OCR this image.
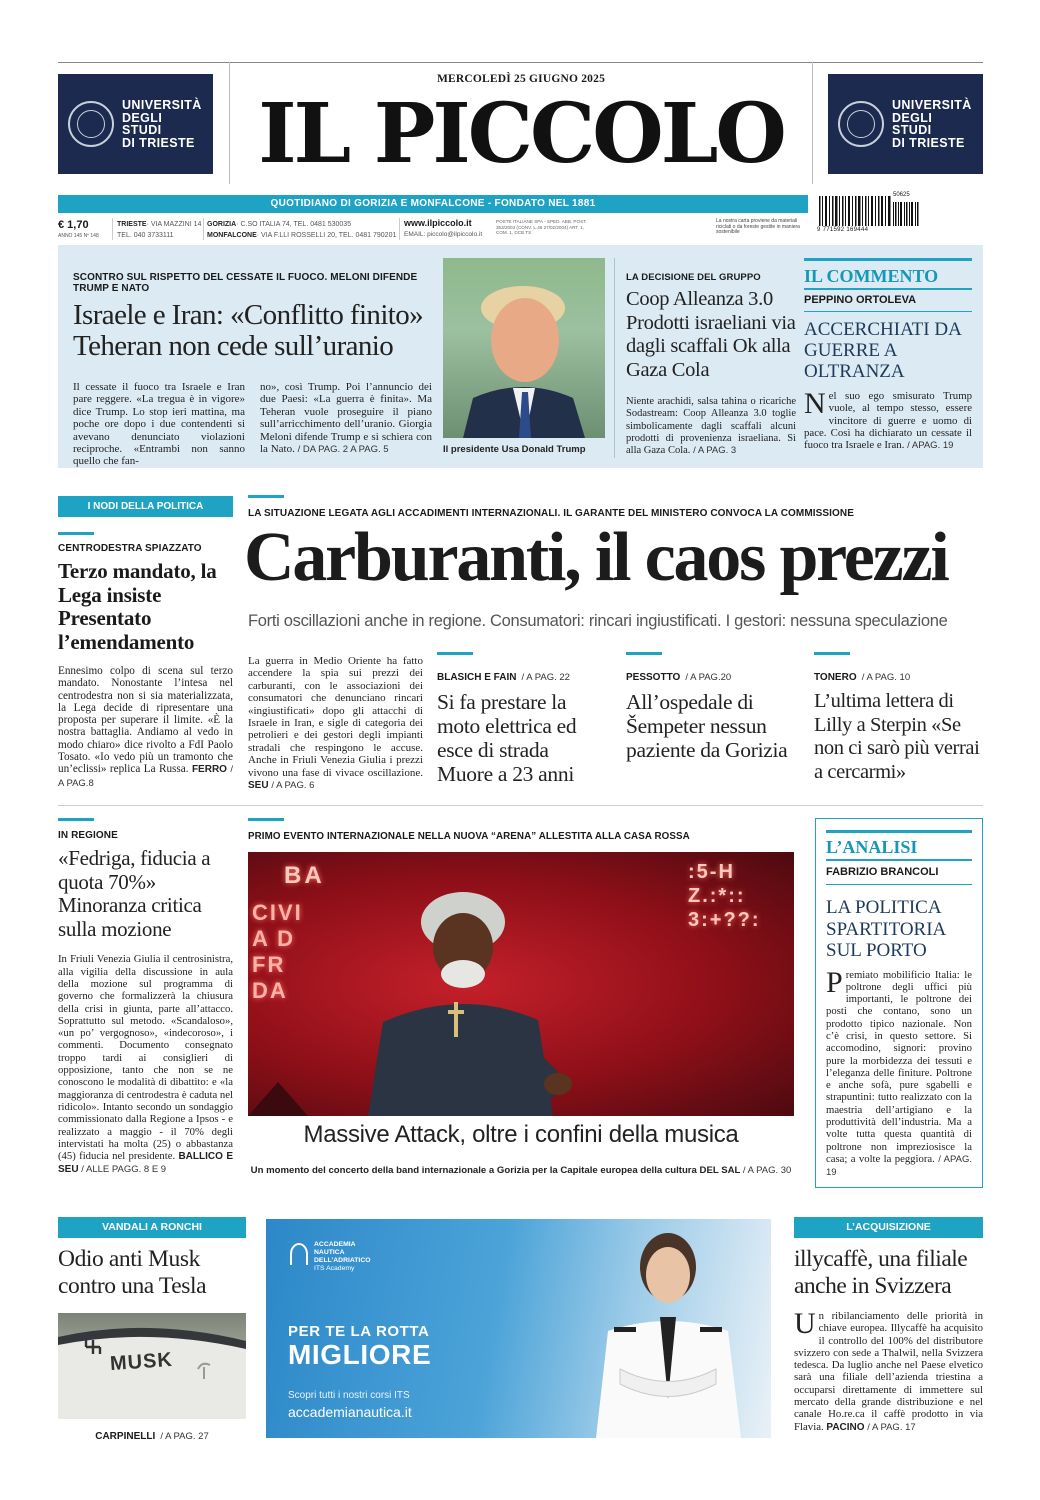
UNIVERSITÀ
DEGLI STUDI
DI TRIESTE
UNIVERSITÀ
DEGLI STUDI
DI TRIESTE
MERCOLEDÌ 25 GIUGNO 2025
IL PICCOLO
QUOTIDIANO DI GORIZIA E MONFALCONE - FONDATO NEL 1881
€ 1,70
ANNO 145 Nº 148
TRIESTE· VIA MAZZINI 14
TEL. 040 3733111
GORIZIA· C.SO ITALIA 74, TEL. 0481 530035
MONFALCONE· VIA F.LLI ROSSELLI 20, TEL. 0481 790201
www.ilpiccolo.it
EMAIL: piccolo@ilpiccolo.it
POSTE ITALIANE SPA - SPED. ABB. POST. 353/2003 (CONV. L.46 27/02/2004) ART. 1, COM. 1, DCB TS
La nostra carta proviene da materiali riciclati o da foreste gestite in maniera sostenibile
50625
9 771592 169444
SCONTRO SUL RISPETTO DEL CESSATE IL FUOCO. MELONI DIFENDE TRUMP E NATO
Israele e Iran: «Conflitto finito»
Teheran non cede sull’uranio
Il cessate il fuoco tra Israele e Iran pare reggere. «La tregua è in vigore» dice Trump. Lo stop ieri mattina, ma poche ore dopo i due contendenti si avevano denunciato violazioni reciproche. «Entrambi non sanno quello che fan-
no», così Trump. Poi l’annuncio dei due Paesi: «La guerra è finita». Ma Teheran vuole proseguire il piano sull’arricchimento dell’uranio. Giorgia Meloni difende Trump e si schiera con la Nato. / DA PAG. 2 A PAG. 5	Il presidente Usa Donald Trump
LA DECISIONE DEL GRUPPO
Coop Alleanza 3.0 Prodotti israeliani via dagli scaffali Ok alla Gaza Cola
Niente arachidi, salsa tahina o ricariche Sodastream: Coop Alleanza 3.0 toglie simbolicamente dagli scaffali alcuni prodotti di provenienza israeliana. Sì alla Gaza Cola. / A PAG. 3
IL COMMENTO
PEPPINO ORTOLEVA
ACCERCHIATI DA GUERRE A OLTRANZA
Nel suo ego smisurato Trump vuole, al tempo stesso, essere vincitore di guerre e uomo di pace. Così ha dichiarato un cessate il fuoco tra Israele e Iran. / APAG. 19
I NODI DELLA POLITICA
CENTRODESTRA SPIAZZATO
Terzo mandato, la Lega insiste Presentato l’emendamento
Ennesimo colpo di scena sul terzo mandato. Nonostante l’intesa nel centrodestra non si sia materializzata, la Lega decide di ripresentare una proposta per superare il limite. «È la nostra battaglia. Andiamo al vedo in modo chiaro» dice rivolto a FdI Paolo Tosato. «Io vedo più un tramonto che un’eclissi» replica La Russa. FERRO / A PAG.8
LA SITUAZIONE LEGATA AGLI ACCADIMENTI INTERNAZIONALI. IL GARANTE DEL MINISTERO CONVOCA LA COMMISSIONE
Carburanti, il caos prezzi
Forti oscillazioni anche in regione. Consumatori: rincari ingiustificati. I gestori: nessuna speculazione
La guerra in Medio Oriente ha fatto accendere la spia sui prezzi dei carburanti, con le associazioni dei consumatori che denunciano rincari «ingiustificati» dopo gli attacchi di Israele in Iran, e sigle di categoria dei petrolieri e dei gestori degli impianti stradali che respingono le accuse. Anche in Friuli Venezia Giulia i prezzi vivono una fase di vivace oscillazione. SEU / A PAG. 6
BLASICH E FAIN / A PAG. 22
Si fa prestare la moto elettrica ed esce di strada Muore a 23 anni
PESSOTTO / A PAG.20
All’ospedale di Šempeter nessun paziente da Gorizia
TONERO / A PAG. 10
L’ultima lettera di Lilly a Sterpin «Se non ci sarò più verrai a cercarmi»
IN REGIONE
«Fedriga, fiducia a quota 70%» Minoranza critica sulla mozione
In Friuli Venezia Giulia il centrosinistra, alla vigilia della discussione in aula della mozione sul programma di governo che formalizzerà la chiusura della crisi in giunta, parte all’attacco. Soprattutto sul metodo. «Scandaloso», «un po’ vergognoso», «indecoroso», i commenti. Documento consegnato troppo tardi ai consiglieri di opposizione, tanto che non se ne conoscono le modalità di dibattito: e «la maggioranza di centrodestra è caduta nel ridicolo». Intanto secondo un sondaggio commissionato dalla Regione a Ipsos - e realizzato a maggio - il 70% degli intervistati ha molta (25) o abbastanza (45) fiducia nel presidente. BALLICO E SEU / ALLE PAGG. 8 E 9
PRIMO EVENTO INTERNAZIONALE NELLA NUOVA “ARENA” ALLESTITA ALLA CASA ROSSA
BA
CIVI A D FR DA
:5-H Z.:*:: 3:+??:
Massive Attack, oltre i confini della musica
Un momento del concerto della band internazionale a Gorizia per la Capitale europea della cultura DEL SAL / A PAG. 30
L’ANALISI
FABRIZIO BRANCOLI
LA POLITICA SPARTITORIA SUL PORTO
Premiato mobilificio Italia: le poltrone degli uffici più importanti, le poltrone dei posti che contano, sono un prodotto tipico nazionale. Non c’è crisi, in questo settore. Si accomodino, signori: provino pure la morbidezza dei tessuti e l’eleganza delle finiture. Poltrone e anche sofà, pure sgabelli e strapuntini: tutto realizzato con la maestria dell’artigiano e la produttività dell’industria. Ma a volte tutta questa quantità di poltrone non impreziosisce la casa; a volte la peggiora. / APAG. 19
VANDALI A RONCHI
Odio anti Musk contro una Tesla
MUSK
CARPINELLI / A PAG. 27
ACCADEMIA
NAUTICA
DELL’ADRIATICO
ITS Academy
PER TE LA ROTTA
MIGLIORE
Scopri tutti i nostri corsi ITS
accademianautica.it
L’ACQUISIZIONE
illycaffè, una filiale anche in Svizzera
Un ribilanciamento delle priorità in chiave europea. Illycaffè ha acquisito il controllo del 100% del distributore svizzero con sede a Thalwil, nella Svizzera tedesca. Da luglio anche nel Paese elvetico sarà una filiale dell’azienda triestina a occuparsi direttamente di immettere sul mercato della grande distribuzione e nel canale Ho.re.ca il caffè prodotto in via Flavia. PACINO / A PAG. 17
